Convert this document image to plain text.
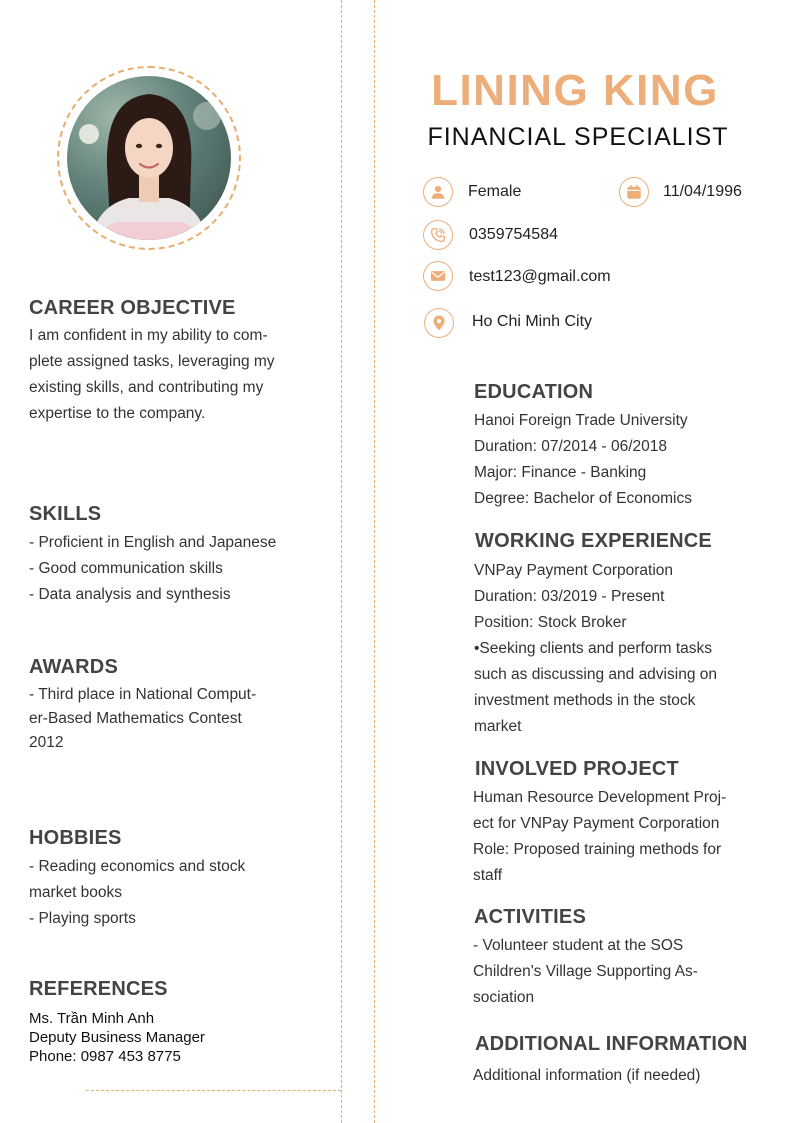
CAREER OBJECTIVE
I am confident in my ability to com-
plete assigned tasks, leveraging my
existing skills, and contributing my
expertise to the company.
SKILLS
- Proficient in English and Japanese
- Good communication skills
- Data analysis and synthesis
AWARDS
- Third place in National Comput-
er-Based Mathematics Contest
2012
HOBBIES
- Reading economics and stock
market books
- Playing sports
REFERENCES
Ms. Trần Minh Anh
Deputy Business Manager
Phone: 0987 453 8775
LINING KING
FINANCIAL SPECIALIST
Female	11/04/1996
0359754584
test123@gmail.com
Ho Chi Minh City
EDUCATION
Hanoi Foreign Trade University
Duration: 07/2014 - 06/2018
Major: Finance - Banking
Degree: Bachelor of Economics
WORKING EXPERIENCE
VNPay Payment Corporation
Duration: 03/2019 - Present
Position: Stock Broker
•Seeking clients and perform tasks
such as discussing and advising on
investment methods in the stock
market
INVOLVED PROJECT
Human Resource Development Proj-
ect for VNPay Payment Corporation
Role: Proposed training methods for
staff
ACTIVITIES
- Volunteer student at the SOS
Children's Village Supporting As-
sociation
ADDITIONAL INFORMATION
Additional information (if needed)
